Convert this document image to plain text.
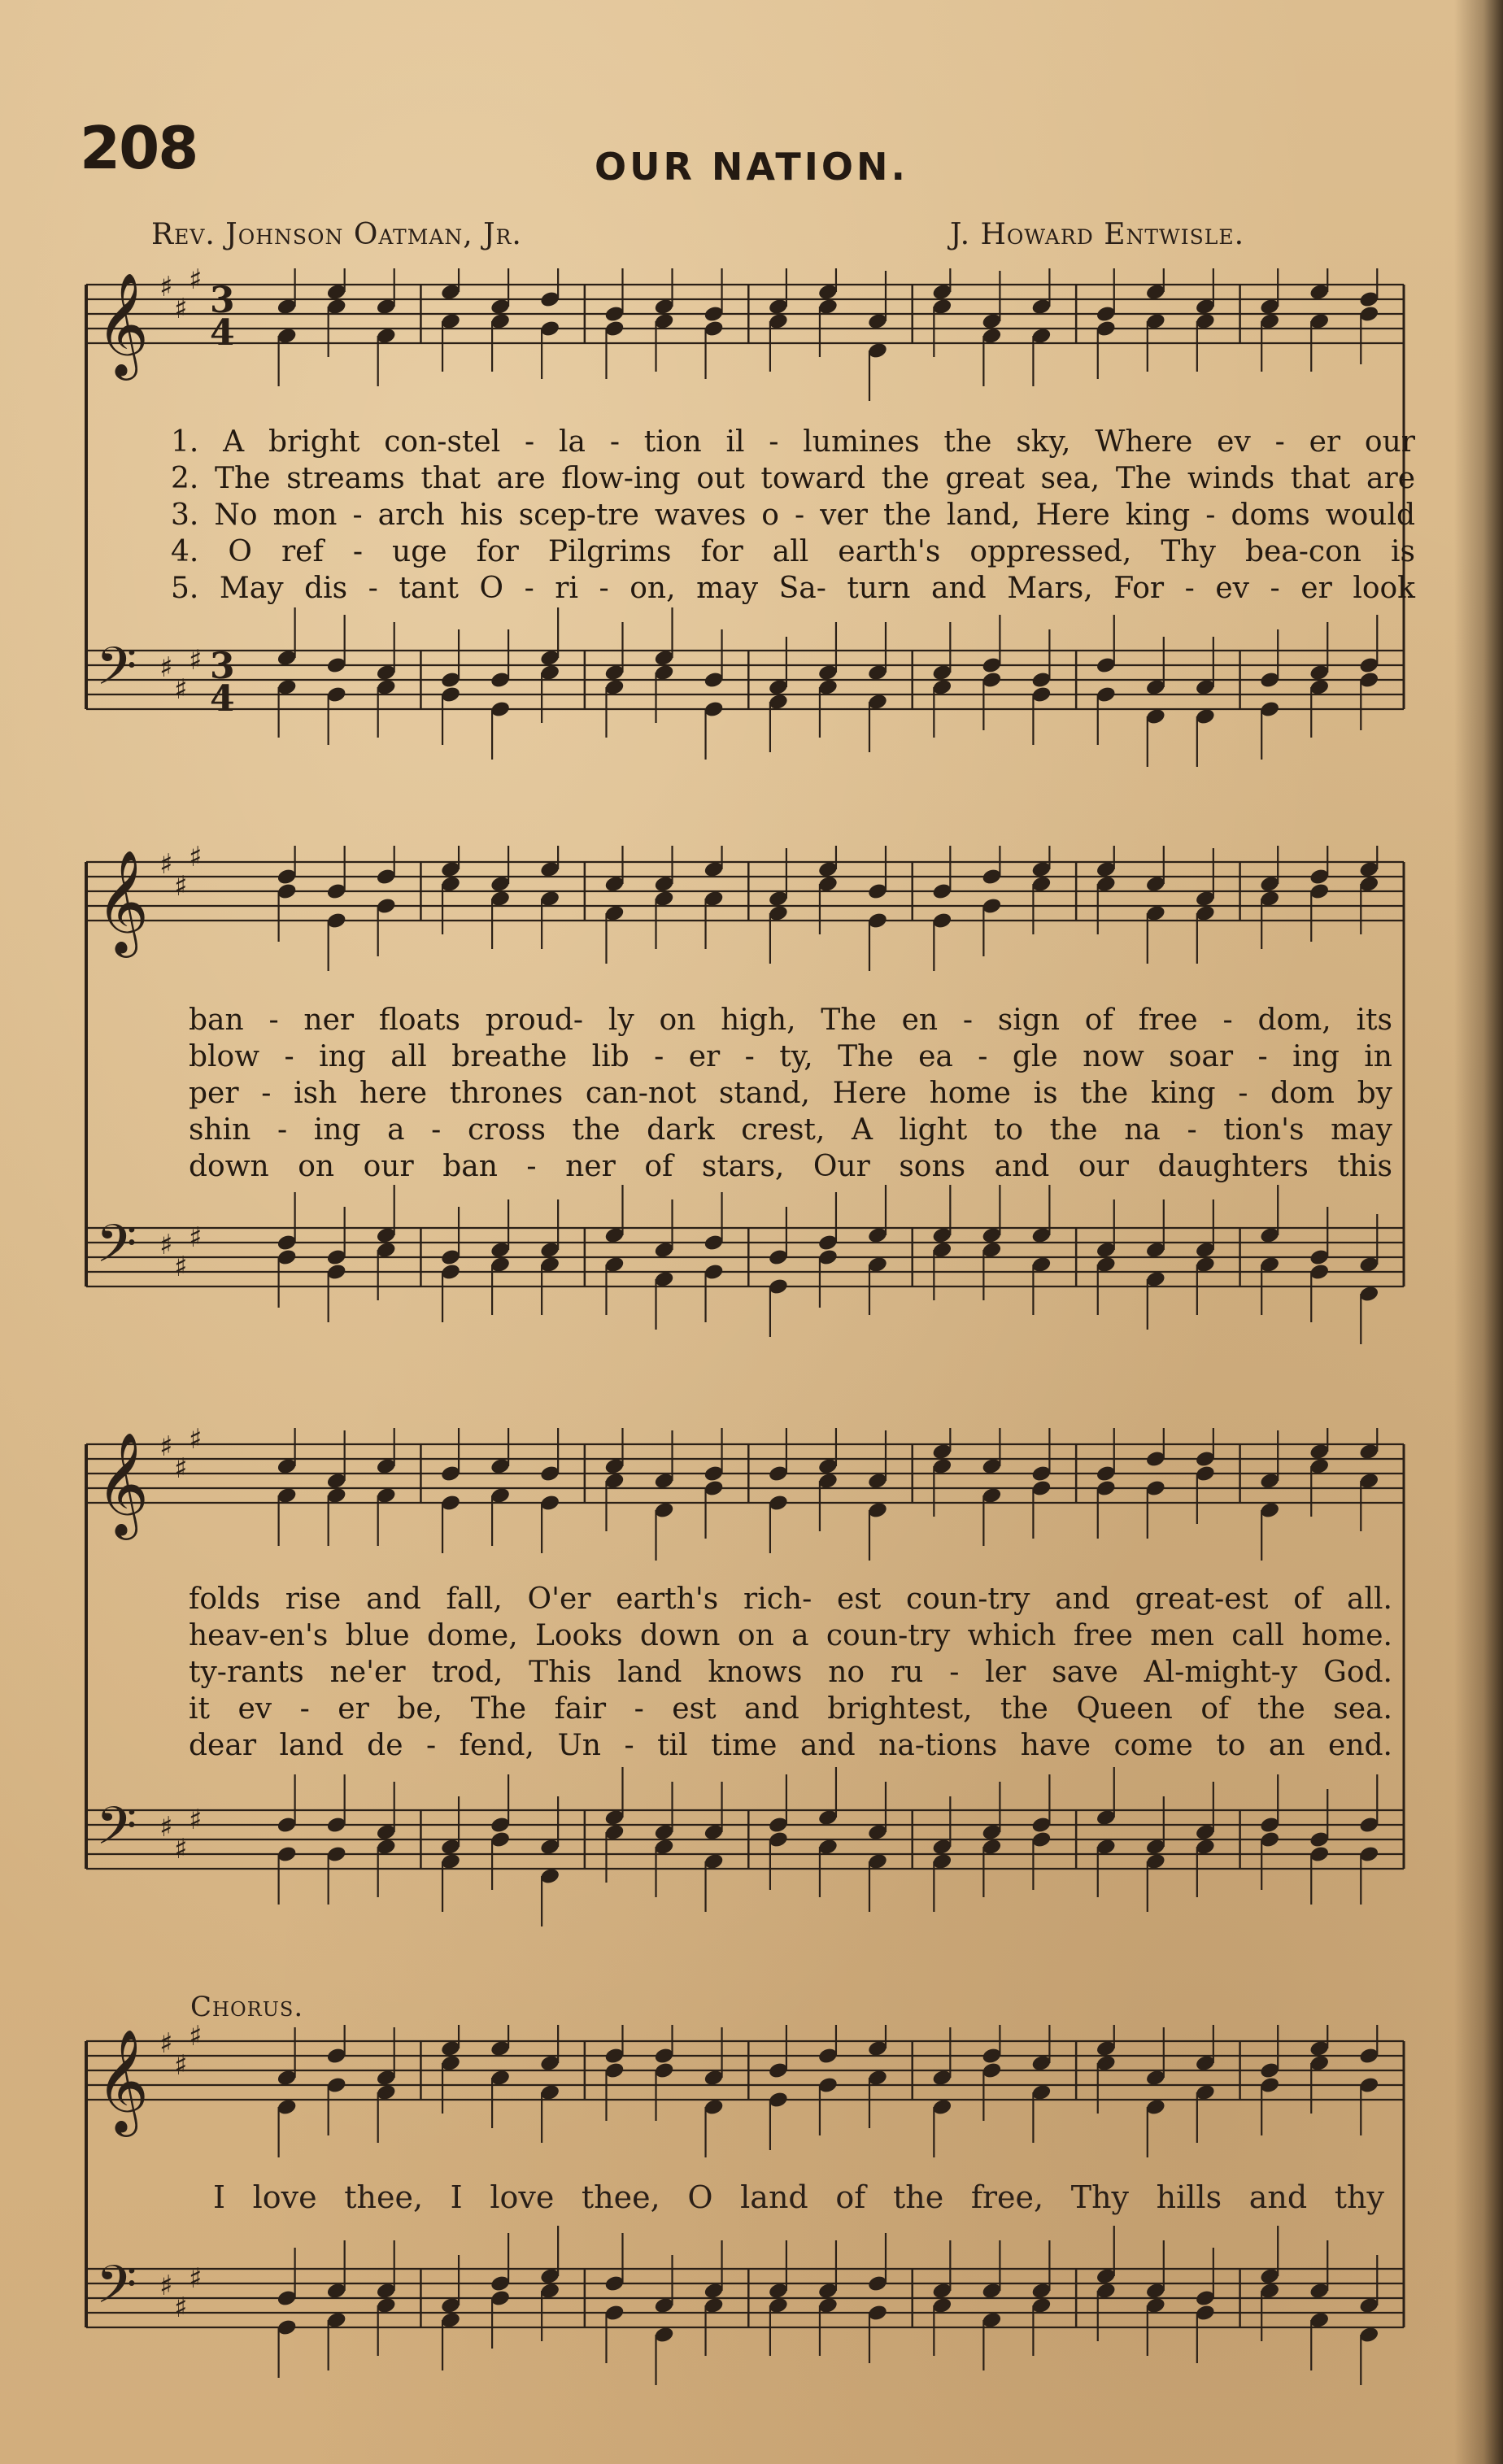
208	OUR NATION.
Rev. Johnson Oatman, Jr.	J. Howard Entwisle.
𝄞 ♯
♯
♯ 3
4
𝄢 ♯
♯
♯ 3
4
1. A bright con-stel - la - tion il - lumines the sky, Where ev - er our
2. The streams that are flow-ing out toward the great sea, The winds that are
3. No mon - arch his scep-tre waves o - ver the land, Here king - doms would
4. O ref - uge for Pilgrims for all earth's oppressed, Thy bea-con is
5. May dis - tant O - ri - on, may Sa- turn and Mars, For - ev - er look
𝄞 ♯
♯
♯
𝄢 ♯
♯
♯
ban - ner floats proud- ly on high, The en - sign of free - dom, its
blow - ing all breathe lib - er - ty, The ea - gle now soar - ing in
per - ish here thrones can-not stand, Here home is the king - dom by
shin - ing a - cross the dark crest, A light to the na - tion's may
down on our ban - ner of stars, Our sons and our daughters this
𝄞 ♯
♯
♯
𝄢 ♯
♯
♯
folds rise and fall, O'er earth's rich- est coun-try and great-est of all.
heav-en's blue dome, Looks down on a coun-try which free men call home.
ty-rants ne'er trod, This land knows no ru - ler save Al-might-y God.
it ev - er be, The fair - est and brightest, the Queen of the sea.
dear land de - fend, Un - til time and na-tions have come to an end.
Chorus.
𝄞 ♯
♯
♯
𝄢 ♯
♯
♯
I love thee, I love thee, O land of the free, Thy hills and thy
